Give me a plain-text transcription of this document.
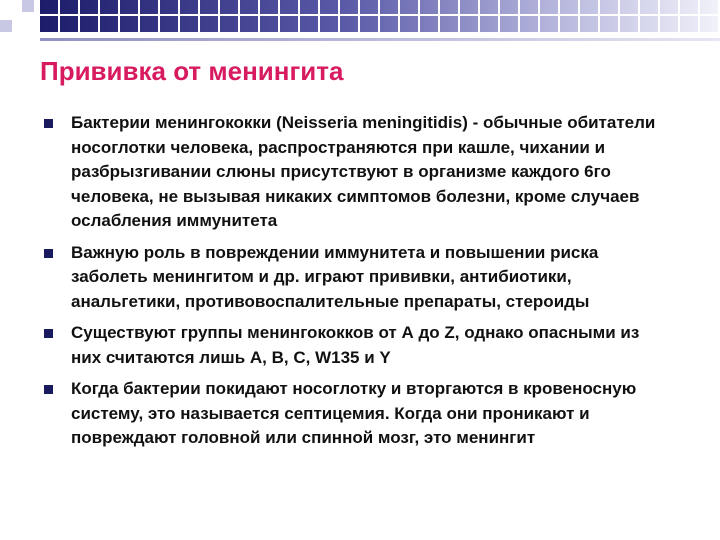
Прививка от менингита
Бактерии менингококки (Neisseria meningitidis) - обычные обитатели носоглотки человека, распространяются при кашле, чихании и разбрызгивании слюны присутствуют в организме каждого 6го человека, не вызывая никаких симптомов болезни, кроме случаев ослабления иммунитета
Важную роль в повреждении иммунитета и повышении риска заболеть менингитом и др. играют прививки, антибиотики, анальгетики, противовоспалительные препараты, стероиды
Существуют группы менингококков от А до Z, однако опасными из них считаются лишь A, B, C, W135 и Y
Когда бактерии покидают носоглотку и вторгаются в кровеносную систему, это называется септицемия. Когда они проникают и повреждают головной или спинной мозг, это менингит
